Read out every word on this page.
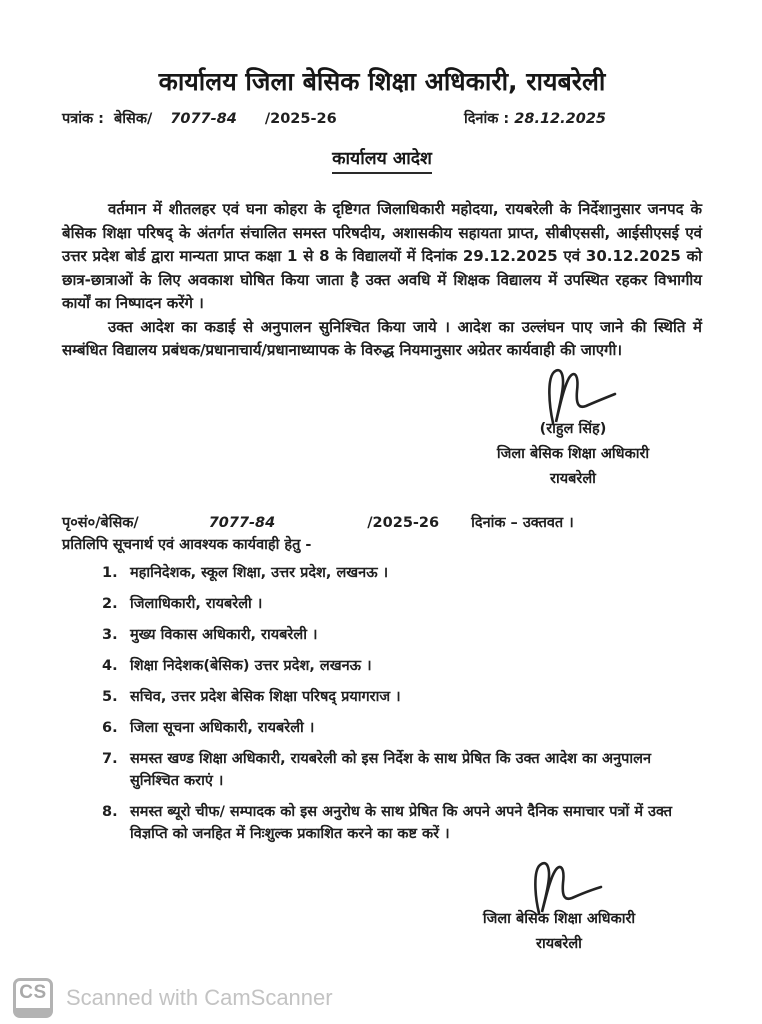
कार्यालय जिला बेसिक शिक्षा अधिकारी, रायबरेली
पत्रांक : बेसिक/ 7077-84 /2025-26	दिनांक : 28.12.2025
कार्यालय आदेश

वर्तमान में शीतलहर एवं घना कोहरा के दृष्टिगत जिलाधिकारी महोदया, रायबरेली के निर्देशानुसार जनपद के बेसिक शिक्षा परिषद् के अंतर्गत संचालित समस्त परिषदीय, अशासकीय सहायता प्राप्त, सीबीएससी, आईसीएसई एवं उत्तर प्रदेश बोर्ड द्वारा मान्यता प्राप्त कक्षा 1 से 8 के विद्यालयों में दिनांक 29.12.2025 एवं 30.12.2025 को छात्र-छात्राओं के लिए अवकाश घोषित किया जाता है उक्त अवधि में शिक्षक विद्यालय में उपस्थित रहकर विभागीय कार्यों का निष्पादन करेंगे ।

उक्त आदेश का कडाई से अनुपालन सुनिश्चित किया जाये । आदेश का उल्लंघन पाए जाने की स्थिति में सम्बंधित विद्यालय प्रबंधक/प्रधानाचार्य/प्रधानाध्यापक के विरुद्ध नियमानुसार अग्रेतर कार्यवाही की जाएगी।

(राहुल सिंह)
जिला बेसिक शिक्षा अधिकारी
रायबरेली
पृ०सं०/बेसिक/	7077-84	/2025-26 दिनांक – उक्तवत ।
प्रतिलिपि सूचनार्थ एवं आवश्यक कार्यवाही हेतु -
1. महानिदेशक, स्कूल शिक्षा, उत्तर प्रदेश, लखनऊ ।
2. जिलाधिकारी, रायबरेली ।
3. मुख्य विकास अधिकारी, रायबरेली ।
4. शिक्षा निदेशक(बेसिक) उत्तर प्रदेश, लखनऊ ।
5. सचिव, उत्तर प्रदेश बेसिक शिक्षा परिषद् प्रयागराज ।
6. जिला सूचना अधिकारी, रायबरेली ।
7. समस्त खण्ड शिक्षा अधिकारी, रायबरेली को इस निर्देश के साथ प्रेषित कि उक्त आदेश का अनुपालन सुनिश्चित कराएं ।
8. समस्त ब्यूरो चीफ/ सम्पादक को इस अनुरोध के साथ प्रेषित कि अपने अपने दैनिक समाचार पत्रों में उक्त विज्ञप्ति को जनहित में निःशुल्क प्रकाशित करने का कष्ट करें ।
जिला बेसिक शिक्षा अधिकारी
रायबरेली
CS Scanned with CamScanner
